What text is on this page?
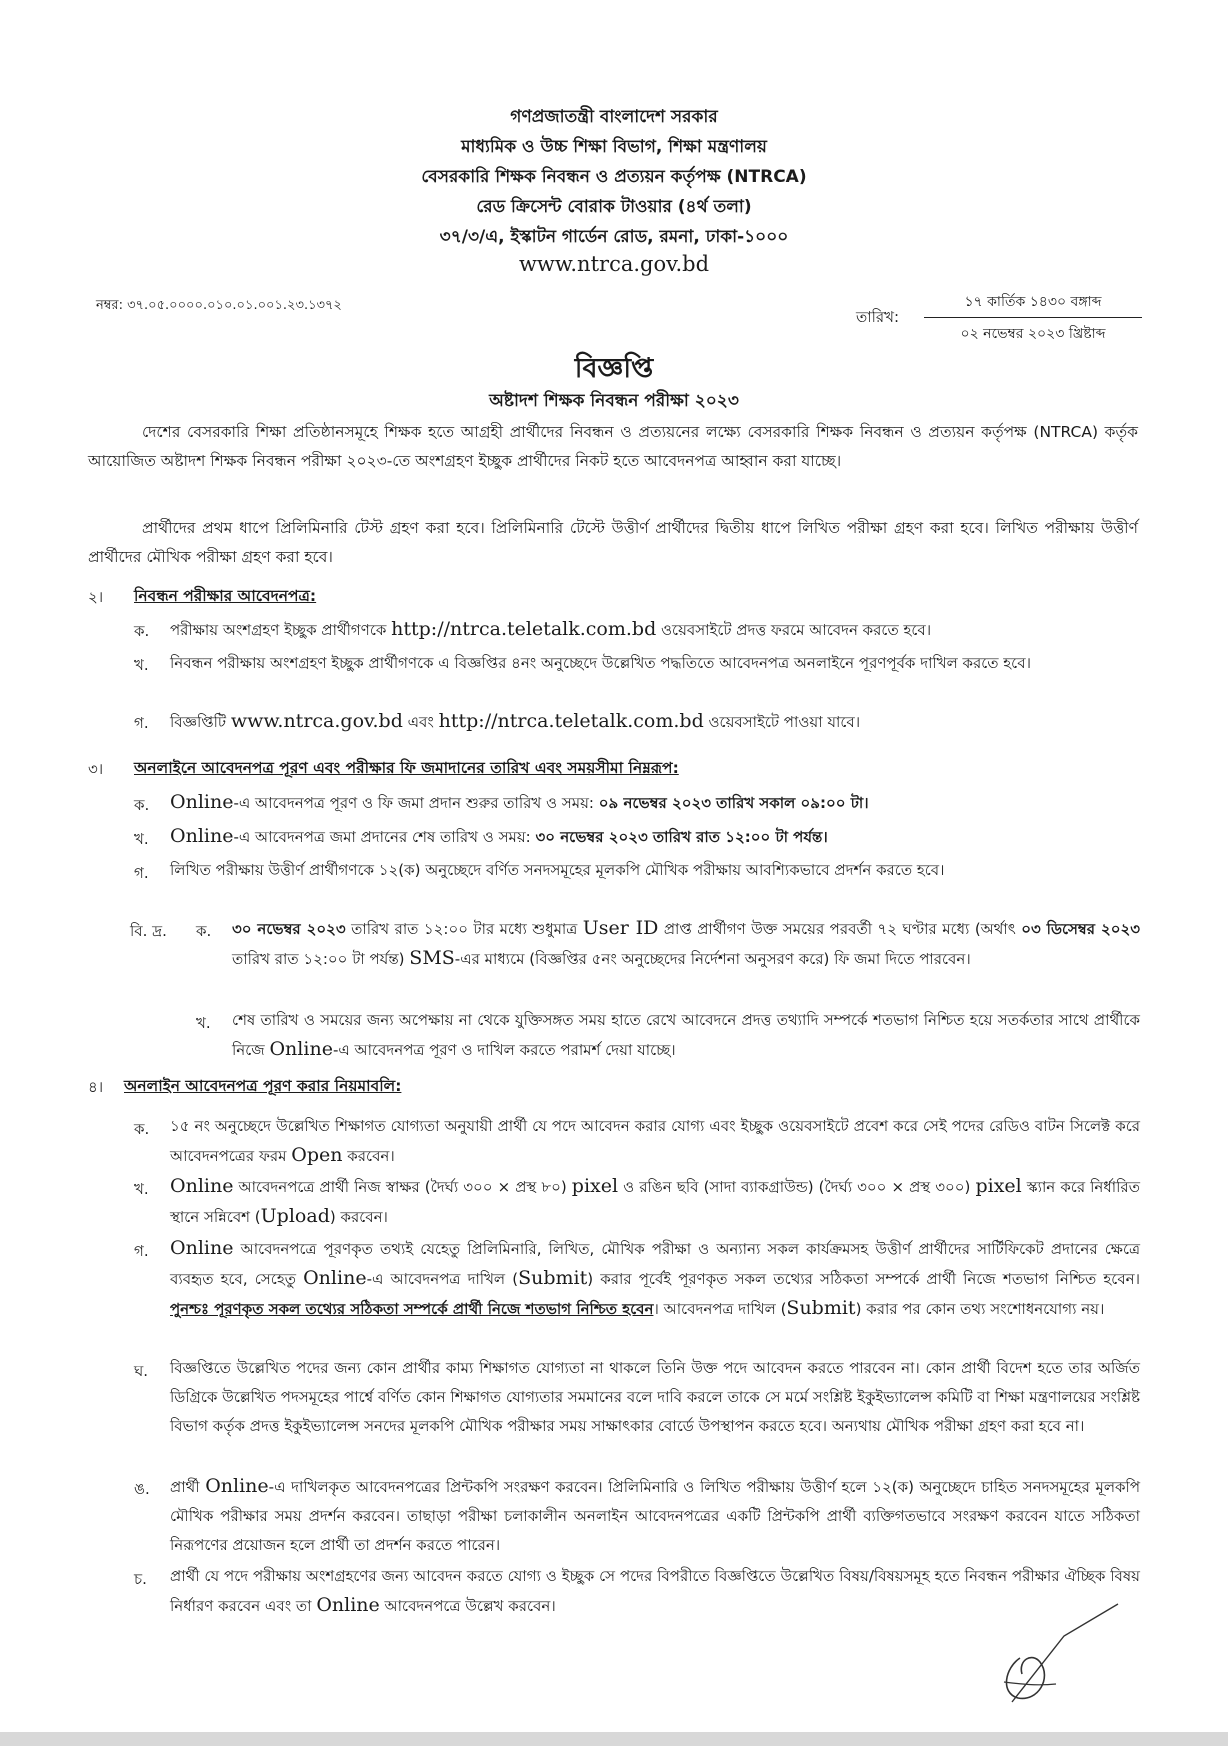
গণপ্রজাতন্ত্রী বাংলাদেশ সরকার
মাধ্যমিক ও উচ্চ শিক্ষা বিভাগ, শিক্ষা মন্ত্রণালয়
বেসরকারি শিক্ষক নিবন্ধন ও প্রত্যয়ন কর্তৃপক্ষ (NTRCA)
রেড ক্রিসেন্ট বোরাক টাওয়ার (৪র্থ তলা)
৩৭/৩/এ, ইস্কাটন গার্ডেন রোড, রমনা, ঢাকা-১০০০
www.ntrca.gov.bd
নম্বর: ৩৭.০৫.০০০০.০১০.০১.০০১.২৩.১৩৭২
তারিখ:
১৭ কার্তিক ১৪৩০ বঙ্গাব্দ
০২ নভেম্বর ২০২৩ খ্রিষ্টাব্দ
বিজ্ঞপ্তি
অষ্টাদশ শিক্ষক নিবন্ধন পরীক্ষা ২০২৩
দেশের বেসরকারি শিক্ষা প্রতিষ্ঠানসমূহে শিক্ষক হতে আগ্রহী প্রার্থীদের নিবন্ধন ও প্রত্যয়নের লক্ষ্যে বেসরকারি শিক্ষক নিবন্ধন ও প্রত্যয়ন কর্তৃপক্ষ (NTRCA) কর্তৃক আয়োজিত অষ্টাদশ শিক্ষক নিবন্ধন পরীক্ষা ২০২৩-তে অংশগ্রহণ ইচ্ছুক প্রার্থীদের নিকট হতে আবেদনপত্র আহ্বান করা যাচ্ছে।
প্রার্থীদের প্রথম ধাপে প্রিলিমিনারি টেস্ট গ্রহণ করা হবে। প্রিলিমিনারি টেস্টে উত্তীর্ণ প্রার্থীদের দ্বিতীয় ধাপে লিখিত পরীক্ষা গ্রহণ করা হবে। লিখিত পরীক্ষায় উত্তীর্ণ প্রার্থীদের মৌখিক পরীক্ষা গ্রহণ করা হবে।
২। নিবন্ধন পরীক্ষার আবেদনপত্র:
ক. পরীক্ষায় অংশগ্রহণ ইচ্ছুক প্রার্থীগণকে http://ntrca.teletalk.com.bd ওয়েবসাইটে প্রদত্ত ফরমে আবেদন করতে হবে।
খ. নিবন্ধন পরীক্ষায় অংশগ্রহণ ইচ্ছুক প্রার্থীগণকে এ বিজ্ঞপ্তির ৪নং অনুচ্ছেদে উল্লেখিত পদ্ধতিতে আবেদনপত্র অনলাইনে পূরণপূর্বক দাখিল করতে হবে।
গ. বিজ্ঞপ্তিটি www.ntrca.gov.bd এবং http://ntrca.teletalk.com.bd ওয়েবসাইটে পাওয়া যাবে।
৩। অনলাইনে আবেদনপত্র পূরণ এবং পরীক্ষার ফি জমাদানের তারিখ এবং সময়সীমা নিম্নরূপ:
ক. Online-এ আবেদনপত্র পূরণ ও ফি জমা প্রদান শুরুর তারিখ ও সময়: ০৯ নভেম্বর ২০২৩ তারিখ সকাল ০৯:০০ টা।
খ. Online-এ আবেদনপত্র জমা প্রদানের শেষ তারিখ ও সময়: ৩০ নভেম্বর ২০২৩ তারিখ রাত ১২:০০ টা পর্যন্ত।
গ. লিখিত পরীক্ষায় উত্তীর্ণ প্রার্থীগণকে ১২(ক) অনুচ্ছেদে বর্ণিত সনদসমূহের মূলকপি মৌখিক পরীক্ষায় আবশ্যিকভাবে প্রদর্শন করতে হবে।
বি. দ্র. ক. ৩০ নভেম্বর ২০২৩ তারিখ রাত ১২:০০ টার মধ্যে শুধুমাত্র User ID প্রাপ্ত প্রার্থীগণ উক্ত সময়ের পরবর্তী ৭২ ঘণ্টার মধ্যে (অর্থাৎ ০৩ ডিসেম্বর ২০২৩ তারিখ রাত ১২:০০ টা পর্যন্ত) SMS-এর মাধ্যমে (বিজ্ঞপ্তির ৫নং অনুচ্ছেদের নির্দেশনা অনুসরণ করে) ফি জমা দিতে পারবেন।
খ. শেষ তারিখ ও সময়ের জন্য অপেক্ষায় না থেকে যুক্তিসঙ্গত সময় হাতে রেখে আবেদনে প্রদত্ত তথ্যাদি সম্পর্কে শতভাগ নিশ্চিত হয়ে সতর্কতার সাথে প্রার্থীকে নিজে Online-এ আবেদনপত্র পূরণ ও দাখিল করতে পরামর্শ দেয়া যাচ্ছে।
৪। অনলাইন আবেদনপত্র পূরণ করার নিয়মাবলি:
ক. ১৫ নং অনুচ্ছেদে উল্লেখিত শিক্ষাগত যোগ্যতা অনুযায়ী প্রার্থী যে পদে আবেদন করার যোগ্য এবং ইচ্ছুক ওয়েবসাইটে প্রবেশ করে সেই পদের রেডিও বাটন সিলেক্ট করে আবেদনপত্রের ফরম Open করবেন।
খ. Online আবেদনপত্রে প্রার্থী নিজ স্বাক্ষর (দৈর্ঘ্য ৩০০ × প্রস্থ ৮০) pixel ও রঙিন ছবি (সাদা ব্যাকগ্রাউন্ড) (দৈর্ঘ্য ৩০০ × প্রস্থ ৩০০) pixel স্ক্যান করে নির্ধারিত স্থানে সন্নিবেশ (Upload) করবেন।
গ. Online আবেদনপত্রে পূরণকৃত তথ্যই যেহেতু প্রিলিমিনারি, লিখিত, মৌখিক পরীক্ষা ও অন্যান্য সকল কার্যক্রমসহ উত্তীর্ণ প্রার্থীদের সার্টিফিকেট প্রদানের ক্ষেত্রে ব্যবহৃত হবে, সেহেতু Online-এ আবেদনপত্র দাখিল (Submit) করার পূর্বেই পূরণকৃত সকল তথ্যের সঠিকতা সম্পর্কে প্রার্থী নিজে শতভাগ নিশ্চিত হবেন। পুনশ্চঃ পূরণকৃত সকল তথ্যের সঠিকতা সম্পর্কে প্রার্থী নিজে শতভাগ নিশ্চিত হবেন। আবেদনপত্র দাখিল (Submit) করার পর কোন তথ্য সংশোধনযোগ্য নয়।
ঘ. বিজ্ঞপ্তিতে উল্লেখিত পদের জন্য কোন প্রার্থীর কাম্য শিক্ষাগত যোগ্যতা না থাকলে তিনি উক্ত পদে আবেদন করতে পারবেন না। কোন প্রার্থী বিদেশ হতে তার অর্জিত ডিগ্রিকে উল্লেখিত পদসমূহের পার্শ্বে বর্ণিত কোন শিক্ষাগত যোগ্যতার সমমানের বলে দাবি করলে তাকে সে মর্মে সংশ্লিষ্ট ইকুইভ্যালেন্স কমিটি বা শিক্ষা মন্ত্রণালয়ের সংশ্লিষ্ট বিভাগ কর্তৃক প্রদত্ত ইকুইভ্যালেন্স সনদের মূলকপি মৌখিক পরীক্ষার সময় সাক্ষাৎকার বোর্ডে উপস্থাপন করতে হবে। অন্যথায় মৌখিক পরীক্ষা গ্রহণ করা হবে না।
ঙ. প্রার্থী Online-এ দাখিলকৃত আবেদনপত্রের প্রিন্টকপি সংরক্ষণ করবেন। প্রিলিমিনারি ও লিখিত পরীক্ষায় উত্তীর্ণ হলে ১২(ক) অনুচ্ছেদে চাহিত সনদসমূহের মূলকপি মৌখিক পরীক্ষার সময় প্রদর্শন করবেন। তাছাড়া পরীক্ষা চলাকালীন অনলাইন আবেদনপত্রের একটি প্রিন্টকপি প্রার্থী ব্যক্তিগতভাবে সংরক্ষণ করবেন যাতে সঠিকতা নিরূপণের প্রয়োজন হলে প্রার্থী তা প্রদর্শন করতে পারেন।
চ. প্রার্থী যে পদে পরীক্ষায় অংশগ্রহণের জন্য আবেদন করতে যোগ্য ও ইচ্ছুক সে পদের বিপরীতে বিজ্ঞপ্তিতে উল্লেখিত বিষয়/বিষয়সমূহ হতে নিবন্ধন পরীক্ষার ঐচ্ছিক বিষয় নির্ধারণ করবেন এবং তা Online আবেদনপত্রে উল্লেখ করবেন।
